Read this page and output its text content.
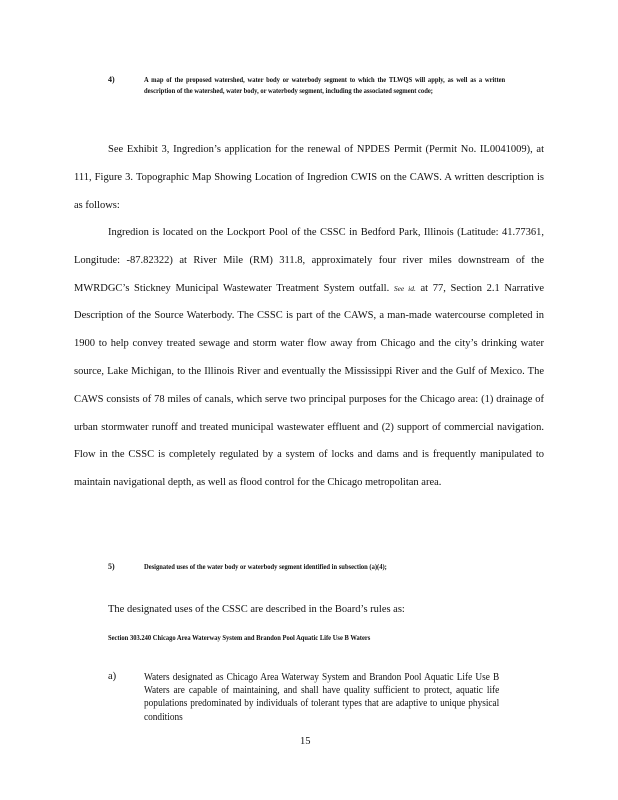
4)	A map of the proposed watershed, water body or waterbody segment to which the TLWQS will apply, as well as a written description of the watershed, water body, or waterbody segment, including the associated segment code;
See Exhibit 3, Ingredion’s application for the renewal of NPDES Permit (Permit No. IL0041009), at 111, Figure 3. Topographic Map Showing Location of Ingredion CWIS on the CAWS. A written description is as follows:
Ingredion is located on the Lockport Pool of the CSSC in Bedford Park, Illinois (Latitude: 41.77361, Longitude: -87.82322) at River Mile (RM) 311.8, approximately four river miles downstream of the MWRDGC’s Stickney Municipal Wastewater Treatment System outfall. See id. at 77, Section 2.1 Narrative Description of the Source Waterbody. The CSSC is part of the CAWS, a man-made watercourse completed in 1900 to help convey treated sewage and storm water flow away from Chicago and the city’s drinking water source, Lake Michigan, to the Illinois River and eventually the Mississippi River and the Gulf of Mexico. The CAWS consists of 78 miles of canals, which serve two principal purposes for the Chicago area: (1) drainage of urban stormwater runoff and treated municipal wastewater effluent and (2) support of commercial navigation. Flow in the CSSC is completely regulated by a system of locks and dams and is frequently manipulated to maintain navigational depth, as well as flood control for the Chicago metropolitan area.
5)	Designated uses of the water body or waterbody segment identified in subsection (a)(4);
The designated uses of the CSSC are described in the Board’s rules as:
Section 303.240 Chicago Area Waterway System and Brandon Pool Aquatic Life Use B Waters
a)	Waters designated as Chicago Area Waterway System and Brandon Pool Aquatic Life Use B Waters are capable of maintaining, and shall have quality sufficient to protect, aquatic life populations predominated by individuals of tolerant types that are adaptive to unique physical conditions
15
